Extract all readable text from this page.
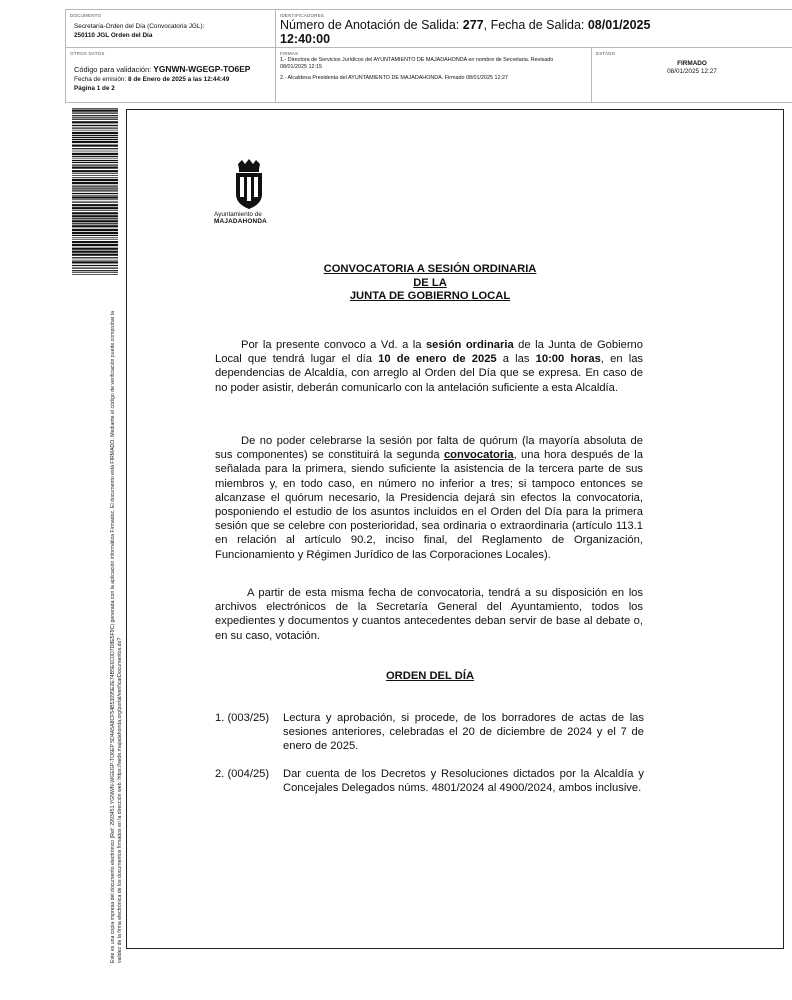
DOCUMENTO
Secretaría-Orden del Día (Convocatoria JGL):
250110 JGL Orden del Día
IDENTIFICADORES
Número de Anotación de Salida: 277, Fecha de Salida: 08/01/2025
12:40:00
OTROS DATOS
Código para validación: YGNWN-WGEGP-TO6EP
Fecha de emisión: 8 de Enero de 2025 a las 12:44:49
Página 1 de 2
FIRMAS
1.- Directora de Servicios Jurídicos del AYUNTAMIENTO DE MAJADAHONDA en nombre de Secretaria. Revisado 08/01/2025 12:15
2.- Alcaldesa Presidenta del AYUNTAMIENTO DE MAJADAHONDA. Firmado 08/01/2025 12:27
ESTADO
FIRMADO
08/01/2025 12:27
Este es una copia impresa del documento electrónico (Ref: 2993451 YGNWN-WGEGP-TO6EP 5D4A5A8CF54B53095E2E74B5E6C0D7D8E5F9C) generada con la aplicación informática Firmadoc. El documento está FIRMADO. Mediante el código de verificación puede comprobar la validez de la firma electrónica de los documentos firmados en la dirección web: https://sede.majadahonda.org/portal/verificarDocumentos.do?
Ayuntamiento de
MAJADAHONDA
CONVOCATORIA A SESIÓN ORDINARIA
DE LA
JUNTA DE GOBIERNO LOCAL
Por la presente convoco a Vd. a la sesión ordinaria de la Junta de Gobierno Local que tendrá lugar el día 10 de enero de 2025 a las 10:00 horas, en las dependencias de Alcaldía, con arreglo al Orden del Día que se expresa. En caso de no poder asistir, deberán comunicarlo con la antelación suficiente a esta Alcaldía.
De no poder celebrarse la sesión por falta de quórum (la mayoría absoluta de sus componentes) se constituirá la segunda convocatoria, una hora después de la señalada para la primera, siendo suficiente la asistencia de la tercera parte de sus miembros y, en todo caso, en número no inferior a tres; si tampoco entonces se alcanzase el quórum necesario, la Presidencia dejará sin efectos la convocatoria, posponiendo el estudio de los asuntos incluidos en el Orden del Día para la primera sesión que se celebre con posterioridad, sea ordinaria o extraordinaria (artículo 113.1 en relación al artículo 90.2, inciso final, del Reglamento de Organización, Funcionamiento y Régimen Jurídico de las Corporaciones Locales).
A partir de esta misma fecha de convocatoria, tendrá a su disposición en los archivos electrónicos de la Secretaría General del Ayuntamiento, todos los expedientes y documentos y cuantos antecedentes deban servir de base al debate o, en su caso, votación.
ORDEN DEL DÍA
1. (003/25) Lectura y aprobación, si procede, de los borradores de actas de las sesiones anteriores, celebradas el 20 de diciembre de 2024 y el 7 de enero de 2025.
2. (004/25) Dar cuenta de los Decretos y Resoluciones dictados por la Alcaldía y Concejales Delegados núms. 4801/2024 al 4900/2024, ambos inclusive.
